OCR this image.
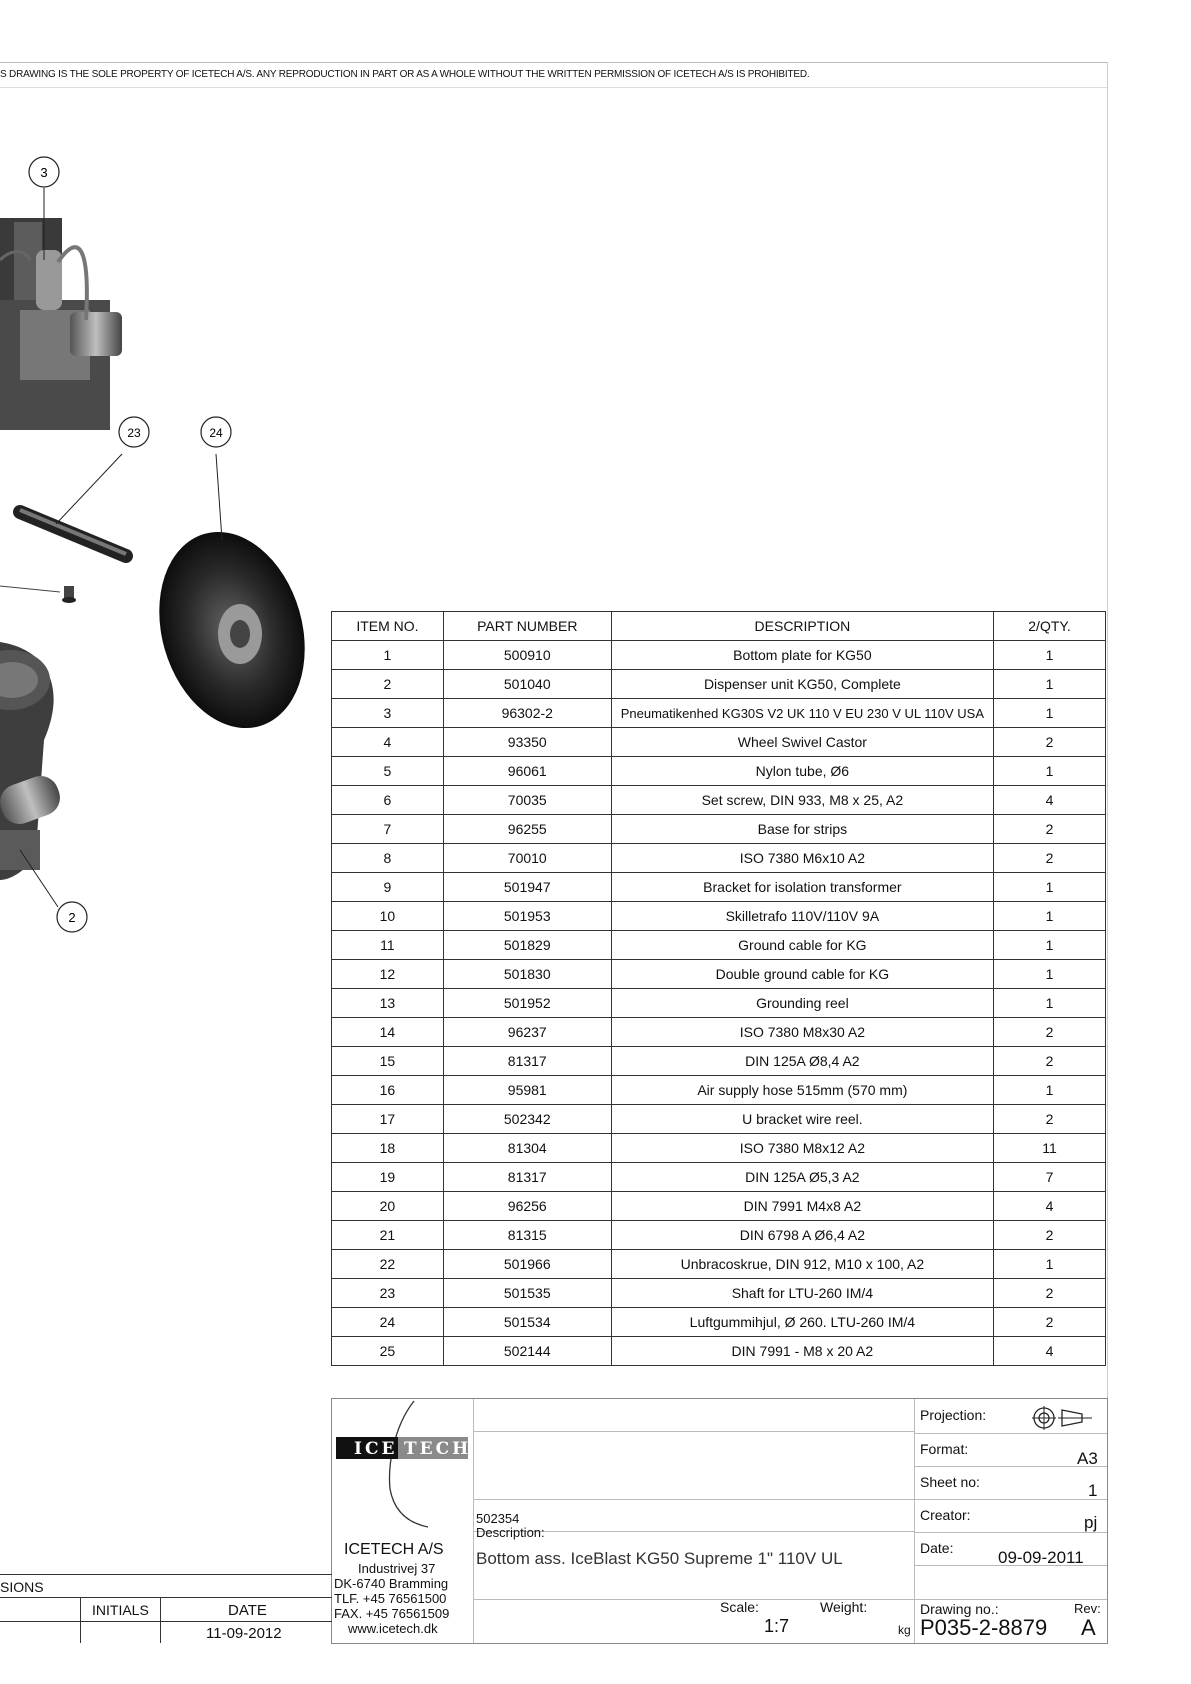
S DRAWING IS THE SOLE PROPERTY OF ICETECH A/S. ANY REPRODUCTION IN PART OR AS A WHOLE WITHOUT THE WRITTEN PERMISSION OF ICETECH A/S IS PROHIBITED.
3
23	24
2
ITEM NO.	PART NUMBER	DESCRIPTION	2/QTY.
1	500910	Bottom plate for KG50	1
2	501040	Dispenser unit KG50, Complete	1
3	96302-2	Pneumatikenhed KG30S V2 UK 110 V EU 230 V UL 110V USA	1
4	93350	Wheel Swivel Castor	2
5	96061	Nylon tube, Ø6	1
6	70035	Set screw, DIN 933, M8 x 25, A2	4
7	96255	Base for strips	2
8	70010	ISO 7380 M6x10 A2	2
9	501947	Bracket for isolation transformer	1
10	501953	Skilletrafo 110V/110V 9A	1
11	501829	Ground cable for KG	1
12	501830	Double ground cable for KG	1
13	501952	Grounding reel	1
14	96237	ISO 7380 M8x30 A2	2
15	81317	DIN 125A Ø8,4 A2	2
16	95981	Air supply hose 515mm (570 mm)	1
17	502342	U bracket wire reel.	2
18	81304	ISO 7380 M8x12 A2	11
19	81317	DIN 125A Ø5,3 A2	7
20	96256	DIN 7991 M4x8 A2	4
21	81315	DIN 6798 A Ø6,4 A2	2
22	501966	Unbracoskrue, DIN 912, M10 x 100, A2	1
23	501535	Shaft for LTU-260 IM/4	2
24	501534	Luftgummihjul, Ø 260. LTU-260 IM/4	2
25	502144	DIN 7991 - M8 x 20 A2	4
ICE TECH
ICETECH A/S
Industrivej 37
DK-6740 Bramming
TLF. +45 76561500
FAX. +45 76561509
www.icetech.dk
502354
Description:
Bottom ass. IceBlast KG50 Supreme 1" 110V UL
Scale:
1:7
Weight:
kg
Projection:
Format:	A3
Sheet no:	1
Creator:	pj
Date:	09-09-2011
Drawing no.:
P035-2-8879
Rev:
A
SIONS
INITIALS	DATE
11-09-2012
